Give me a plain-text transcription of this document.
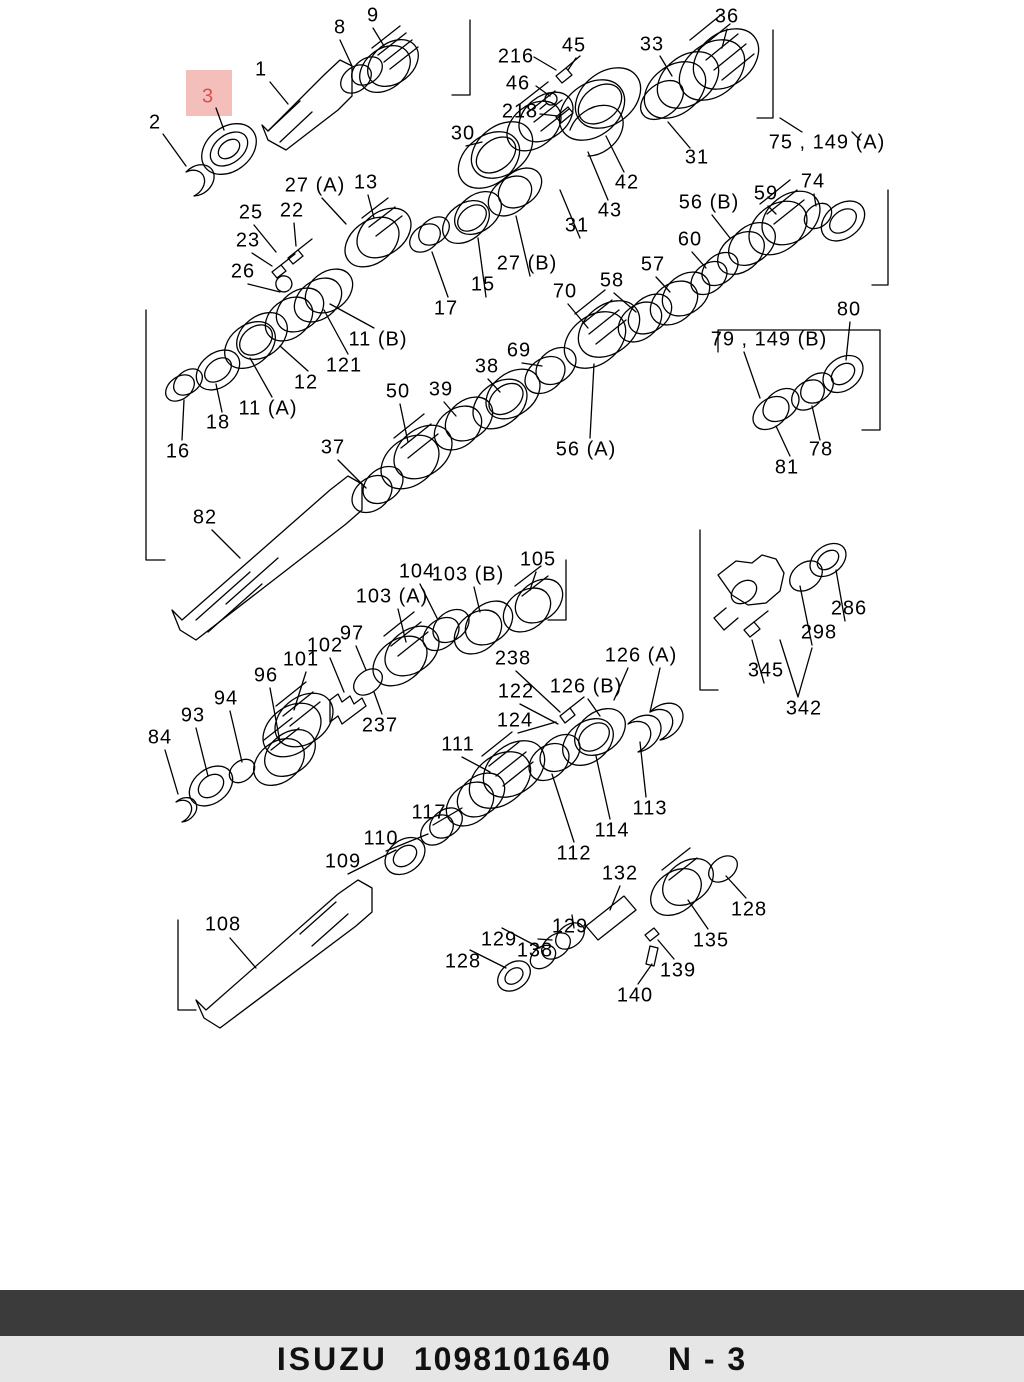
8
9	36
216 45	33
46
1
218
3
2
75 , 149 (A)
31
30
42
43
27 (A) 13
56 (B) 59
74
25 22
31
60
23
27 (B)
58
57
26
15	70
17	80
11 (B)
121
79 , 149 (B)
12
38
69
50 39
11 (A)
18
56 (A)
16	37	78
81
82
105
103 (B)
104
286
103 (A)
97	298
102
238	126 (A)
101	345
96
122 126 (B)
94	342
93	124
237
84	111
113
117
114
110
112
132
109
128
135
129
138
108
129
139
128
140
ISUZU 1098101640 N - 3
